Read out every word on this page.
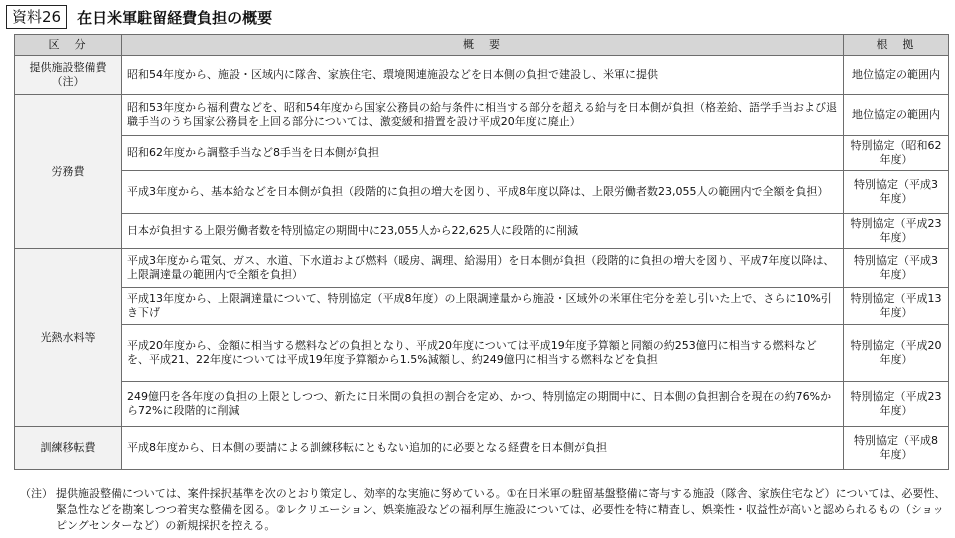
資料26	在日米軍駐留経費負担の概要
区　分	概　要	根　拠
提供施設整備費（注）	昭和54年度から、施設・区域内に隊舎、家族住宅、環境関連施設などを日本側の負担で建設し、米軍に提供	地位協定の範囲内
労務費	昭和53年度から福利費などを、昭和54年度から国家公務員の給与条件に相当する部分を超える給与を日本側が負担（格差給、語学手当および退職手当のうち国家公務員を上回る部分については、激変緩和措置を設け平成20年度に廃止）	地位協定の範囲内
	昭和62年度から調整手当など8手当を日本側が負担	特別協定（昭和62年度）
	平成3年度から、基本給などを日本側が負担（段階的に負担の増大を図り、平成8年度以降は、上限労働者数23,055人の範囲内で全額を負担）	特別協定（平成3年度）
	日本が負担する上限労働者数を特別協定の期間中に23,055人から22,625人に段階的に削減	特別協定（平成23年度）
光熱水料等	平成3年度から電気、ガス、水道、下水道および燃料（暖房、調理、給湯用）を日本側が負担（段階的に負担の増大を図り、平成7年度以降は、上限調達量の範囲内で全額を負担）	特別協定（平成3年度）
	平成13年度から、上限調達量について、特別協定（平成8年度）の上限調達量から施設・区域外の米軍住宅分を差し引いた上で、さらに10%引き下げ	特別協定（平成13年度）
	平成20年度から、金額に相当する燃料などの負担となり、平成20年度については平成19年度予算額と同額の約253億円に相当する燃料などを、平成21、22年度については平成19年度予算額から1.5%減額し、約249億円に相当する燃料などを負担	特別協定（平成20年度）
	249億円を各年度の負担の上限としつつ、新たに日米間の負担の割合を定め、かつ、特別協定の期間中に、日本側の負担割合を現在の約76%から72%に段階的に削減	特別協定（平成23年度）
訓練移転費	平成8年度から、日本側の要請による訓練移転にともない追加的に必要となる経費を日本側が負担	特別協定（平成8年度）
（注） 提供施設整備については、案件採択基準を次のとおり策定し、効率的な実施に努めている。①在日米軍の駐留基盤整備に寄与する施設（隊舎、家族住宅など）については、必要性、緊急性などを勘案しつつ着実な整備を図る。②レクリエーション、娯楽施設などの福利厚生施設については、必要性を特に精査し、娯楽性・収益性が高いと認められるもの（ショッピングセンターなど）の新規採択を控える。
